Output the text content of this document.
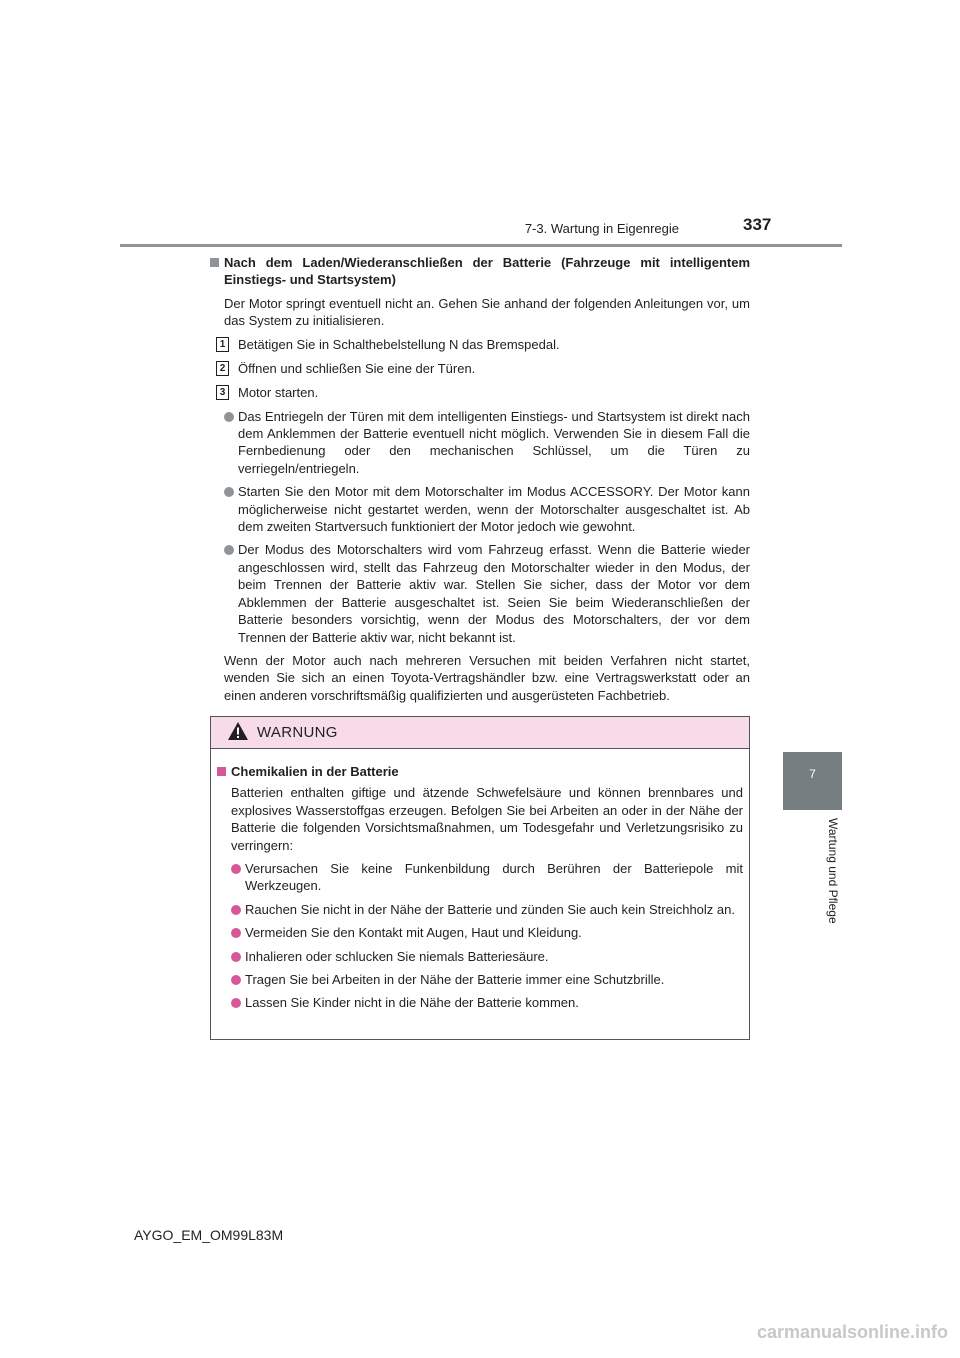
7-3. Wartung in Eigenregie	337
7
Wartung und Pflege

Nach dem Laden/Wiederanschließen der Batterie (Fahrzeuge mit intelligentem Einstiegs- und Startsystem)

Der Motor springt eventuell nicht an. Gehen Sie anhand der folgenden Anleitungen vor, um das System zu initialisieren.

1 Betätigen Sie in Schalthebelstellung N das Bremspedal.
2 Öffnen und schließen Sie eine der Türen.
3 Motor starten.
Das Entriegeln der Türen mit dem intelligenten Einstiegs- und Startsystem ist direkt nach dem Anklemmen der Batterie eventuell nicht möglich. Verwenden Sie in diesem Fall die Fernbedienung oder den mechanischen Schlüssel, um die Türen zu verriegeln/entriegeln.
Starten Sie den Motor mit dem Motorschalter im Modus ACCESSORY. Der Motor kann möglicherweise nicht gestartet werden, wenn der Motorschalter ausgeschaltet ist. Ab dem zweiten Startversuch funktioniert der Motor jedoch wie gewohnt.
Der Modus des Motorschalters wird vom Fahrzeug erfasst. Wenn die Batterie wieder angeschlossen wird, stellt das Fahrzeug den Motorschalter wieder in den Modus, der beim Trennen der Batterie aktiv war. Stellen Sie sicher, dass der Motor vor dem Abklemmen der Batterie ausgeschaltet ist. Seien Sie beim Wiederanschließen der Batterie besonders vorsichtig, wenn der Modus des Motorschalters, der vor dem Trennen der Batterie aktiv war, nicht bekannt ist.

Wenn der Motor auch nach mehreren Versuchen mit beiden Verfahren nicht startet, wenden Sie sich an einen Toyota-Vertragshändler bzw. eine Vertragswerkstatt oder an einen anderen vorschriftsmäßig qualifizierten und ausgerüsteten Fachbetrieb.

WARNUNG

Chemikalien in der Batterie

Batterien enthalten giftige und ätzende Schwefelsäure und können brennbares und explosives Wasserstoffgas erzeugen. Befolgen Sie bei Arbeiten an oder in der Nähe der Batterie die folgenden Vorsichtsmaßnahmen, um Todesgefahr und Verletzungsrisiko zu verringern:

Verursachen Sie keine Funkenbildung durch Berühren der Batteriepole mit Werkzeugen.
Rauchen Sie nicht in der Nähe der Batterie und zünden Sie auch kein Streichholz an.
Vermeiden Sie den Kontakt mit Augen, Haut und Kleidung.
Inhalieren oder schlucken Sie niemals Batteriesäure.
Tragen Sie bei Arbeiten in der Nähe der Batterie immer eine Schutzbrille.
Lassen Sie Kinder nicht in die Nähe der Batterie kommen.
AYGO_EM_OM99L83M
carmanualsonline.info
